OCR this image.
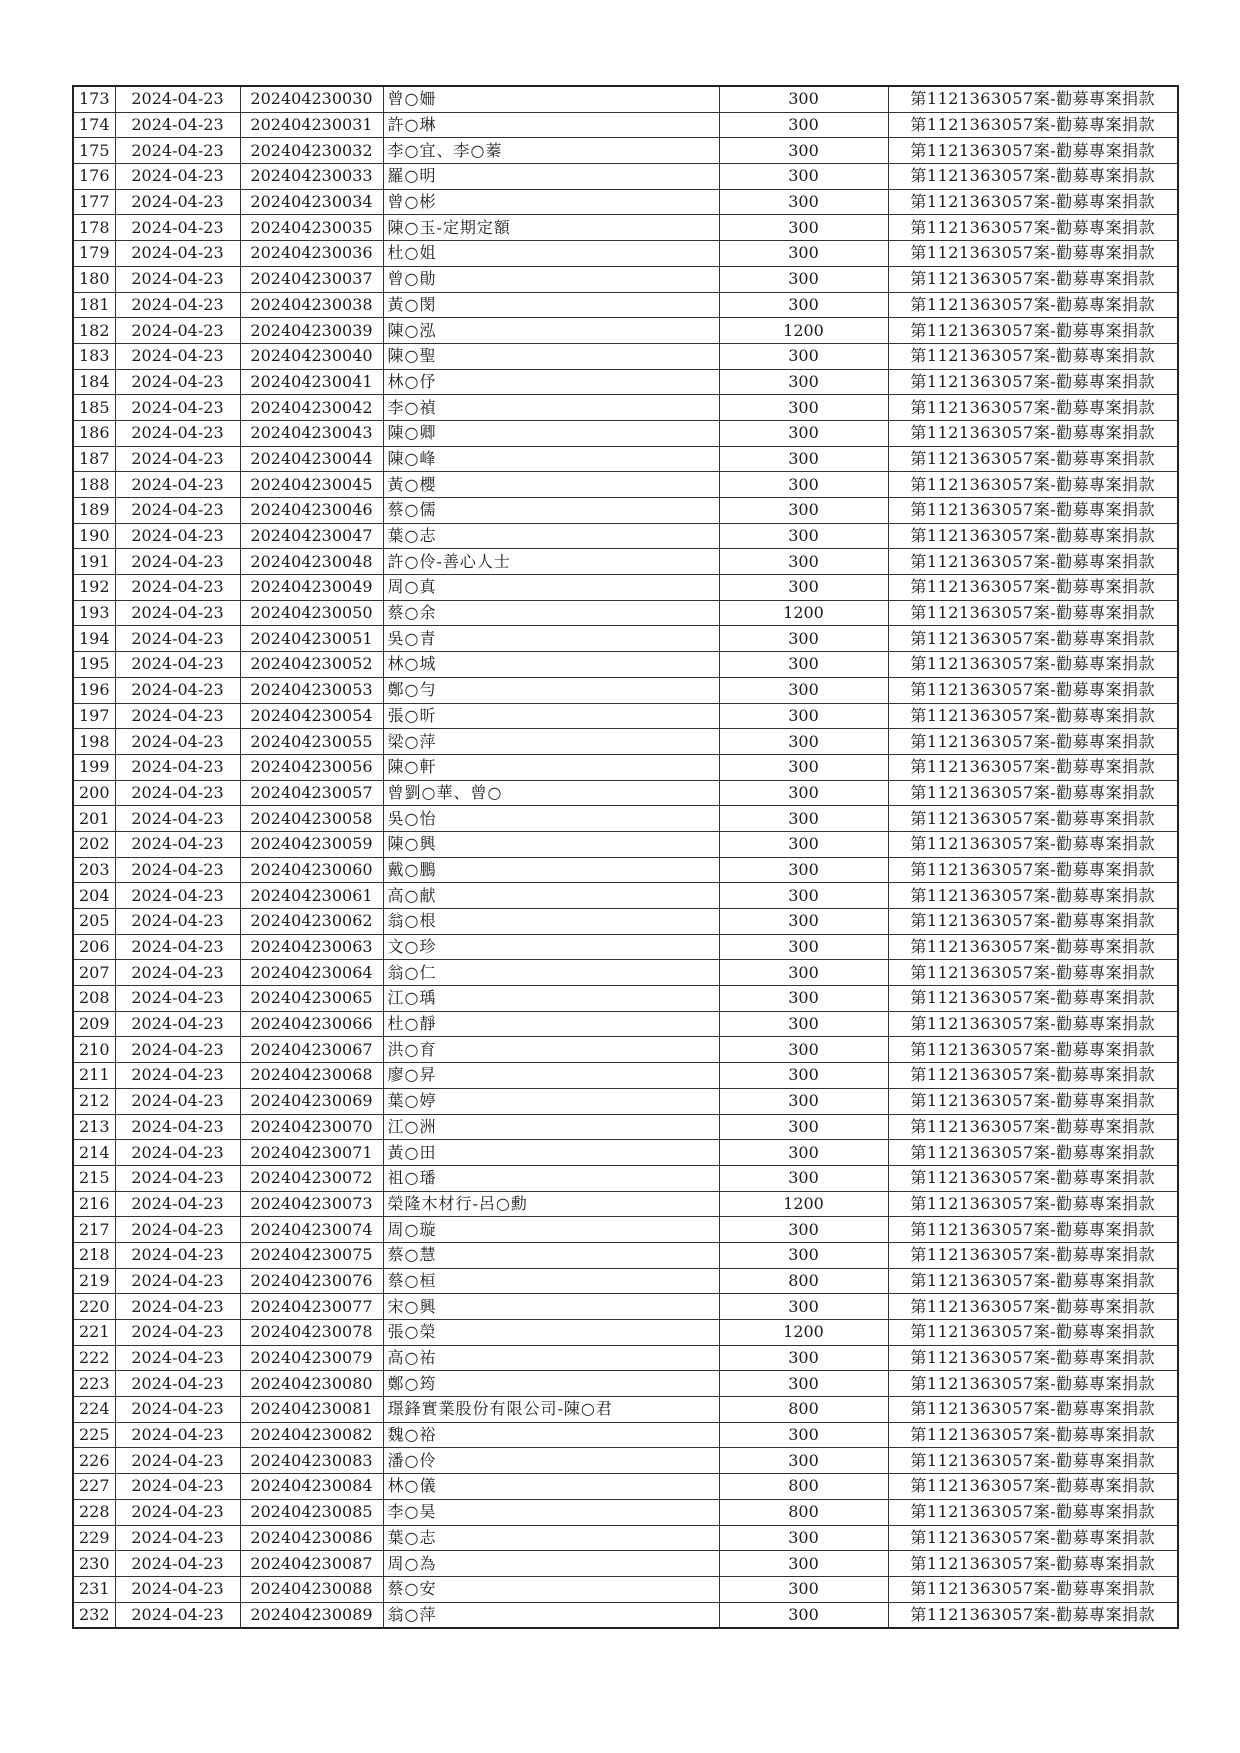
173	2024-04-23	202404230030	曾○姍	300	第1121363057案-勸募專案捐款
174	2024-04-23	202404230031	許○琳	300	第1121363057案-勸募專案捐款
175	2024-04-23	202404230032	李○宜、李○蓁	300	第1121363057案-勸募專案捐款
176	2024-04-23	202404230033	羅○明	300	第1121363057案-勸募專案捐款
177	2024-04-23	202404230034	曾○彬	300	第1121363057案-勸募專案捐款
178	2024-04-23	202404230035	陳○玉-定期定額	300	第1121363057案-勸募專案捐款
179	2024-04-23	202404230036	杜○姐	300	第1121363057案-勸募專案捐款
180	2024-04-23	202404230037	曾○勛	300	第1121363057案-勸募專案捐款
181	2024-04-23	202404230038	黃○閔	300	第1121363057案-勸募專案捐款
182	2024-04-23	202404230039	陳○泓	1200	第1121363057案-勸募專案捐款
183	2024-04-23	202404230040	陳○聖	300	第1121363057案-勸募專案捐款
184	2024-04-23	202404230041	林○伃	300	第1121363057案-勸募專案捐款
185	2024-04-23	202404230042	李○禎	300	第1121363057案-勸募專案捐款
186	2024-04-23	202404230043	陳○卿	300	第1121363057案-勸募專案捐款
187	2024-04-23	202404230044	陳○峰	300	第1121363057案-勸募專案捐款
188	2024-04-23	202404230045	黃○櫻	300	第1121363057案-勸募專案捐款
189	2024-04-23	202404230046	蔡○儒	300	第1121363057案-勸募專案捐款
190	2024-04-23	202404230047	葉○志	300	第1121363057案-勸募專案捐款
191	2024-04-23	202404230048	許○伶-善心人士	300	第1121363057案-勸募專案捐款
192	2024-04-23	202404230049	周○真	300	第1121363057案-勸募專案捐款
193	2024-04-23	202404230050	蔡○余	1200	第1121363057案-勸募專案捐款
194	2024-04-23	202404230051	吳○青	300	第1121363057案-勸募專案捐款
195	2024-04-23	202404230052	林○城	300	第1121363057案-勸募專案捐款
196	2024-04-23	202404230053	鄭○勻	300	第1121363057案-勸募專案捐款
197	2024-04-23	202404230054	張○昕	300	第1121363057案-勸募專案捐款
198	2024-04-23	202404230055	梁○萍	300	第1121363057案-勸募專案捐款
199	2024-04-23	202404230056	陳○軒	300	第1121363057案-勸募專案捐款
200	2024-04-23	202404230057	曾劉○華、曾○	300	第1121363057案-勸募專案捐款
201	2024-04-23	202404230058	吳○怡	300	第1121363057案-勸募專案捐款
202	2024-04-23	202404230059	陳○興	300	第1121363057案-勸募專案捐款
203	2024-04-23	202404230060	戴○鵬	300	第1121363057案-勸募專案捐款
204	2024-04-23	202404230061	高○献	300	第1121363057案-勸募專案捐款
205	2024-04-23	202404230062	翁○根	300	第1121363057案-勸募專案捐款
206	2024-04-23	202404230063	文○珍	300	第1121363057案-勸募專案捐款
207	2024-04-23	202404230064	翁○仁	300	第1121363057案-勸募專案捐款
208	2024-04-23	202404230065	江○瑀	300	第1121363057案-勸募專案捐款
209	2024-04-23	202404230066	杜○靜	300	第1121363057案-勸募專案捐款
210	2024-04-23	202404230067	洪○育	300	第1121363057案-勸募專案捐款
211	2024-04-23	202404230068	廖○昇	300	第1121363057案-勸募專案捐款
212	2024-04-23	202404230069	葉○婷	300	第1121363057案-勸募專案捐款
213	2024-04-23	202404230070	江○洲	300	第1121363057案-勸募專案捐款
214	2024-04-23	202404230071	黃○田	300	第1121363057案-勸募專案捐款
215	2024-04-23	202404230072	祖○璠	300	第1121363057案-勸募專案捐款
216	2024-04-23	202404230073	榮隆木材行-呂○勳	1200	第1121363057案-勸募專案捐款
217	2024-04-23	202404230074	周○璇	300	第1121363057案-勸募專案捐款
218	2024-04-23	202404230075	蔡○慧	300	第1121363057案-勸募專案捐款
219	2024-04-23	202404230076	蔡○桓	800	第1121363057案-勸募專案捐款
220	2024-04-23	202404230077	宋○興	300	第1121363057案-勸募專案捐款
221	2024-04-23	202404230078	張○榮	1200	第1121363057案-勸募專案捐款
222	2024-04-23	202404230079	高○祐	300	第1121363057案-勸募專案捐款
223	2024-04-23	202404230080	鄭○筠	300	第1121363057案-勸募專案捐款
224	2024-04-23	202404230081	璟鋒實業股份有限公司-陳○君	800	第1121363057案-勸募專案捐款
225	2024-04-23	202404230082	魏○裕	300	第1121363057案-勸募專案捐款
226	2024-04-23	202404230083	潘○伶	300	第1121363057案-勸募專案捐款
227	2024-04-23	202404230084	林○儀	800	第1121363057案-勸募專案捐款
228	2024-04-23	202404230085	李○昊	800	第1121363057案-勸募專案捐款
229	2024-04-23	202404230086	葉○志	300	第1121363057案-勸募專案捐款
230	2024-04-23	202404230087	周○為	300	第1121363057案-勸募專案捐款
231	2024-04-23	202404230088	蔡○安	300	第1121363057案-勸募專案捐款
232	2024-04-23	202404230089	翁○萍	300	第1121363057案-勸募專案捐款
